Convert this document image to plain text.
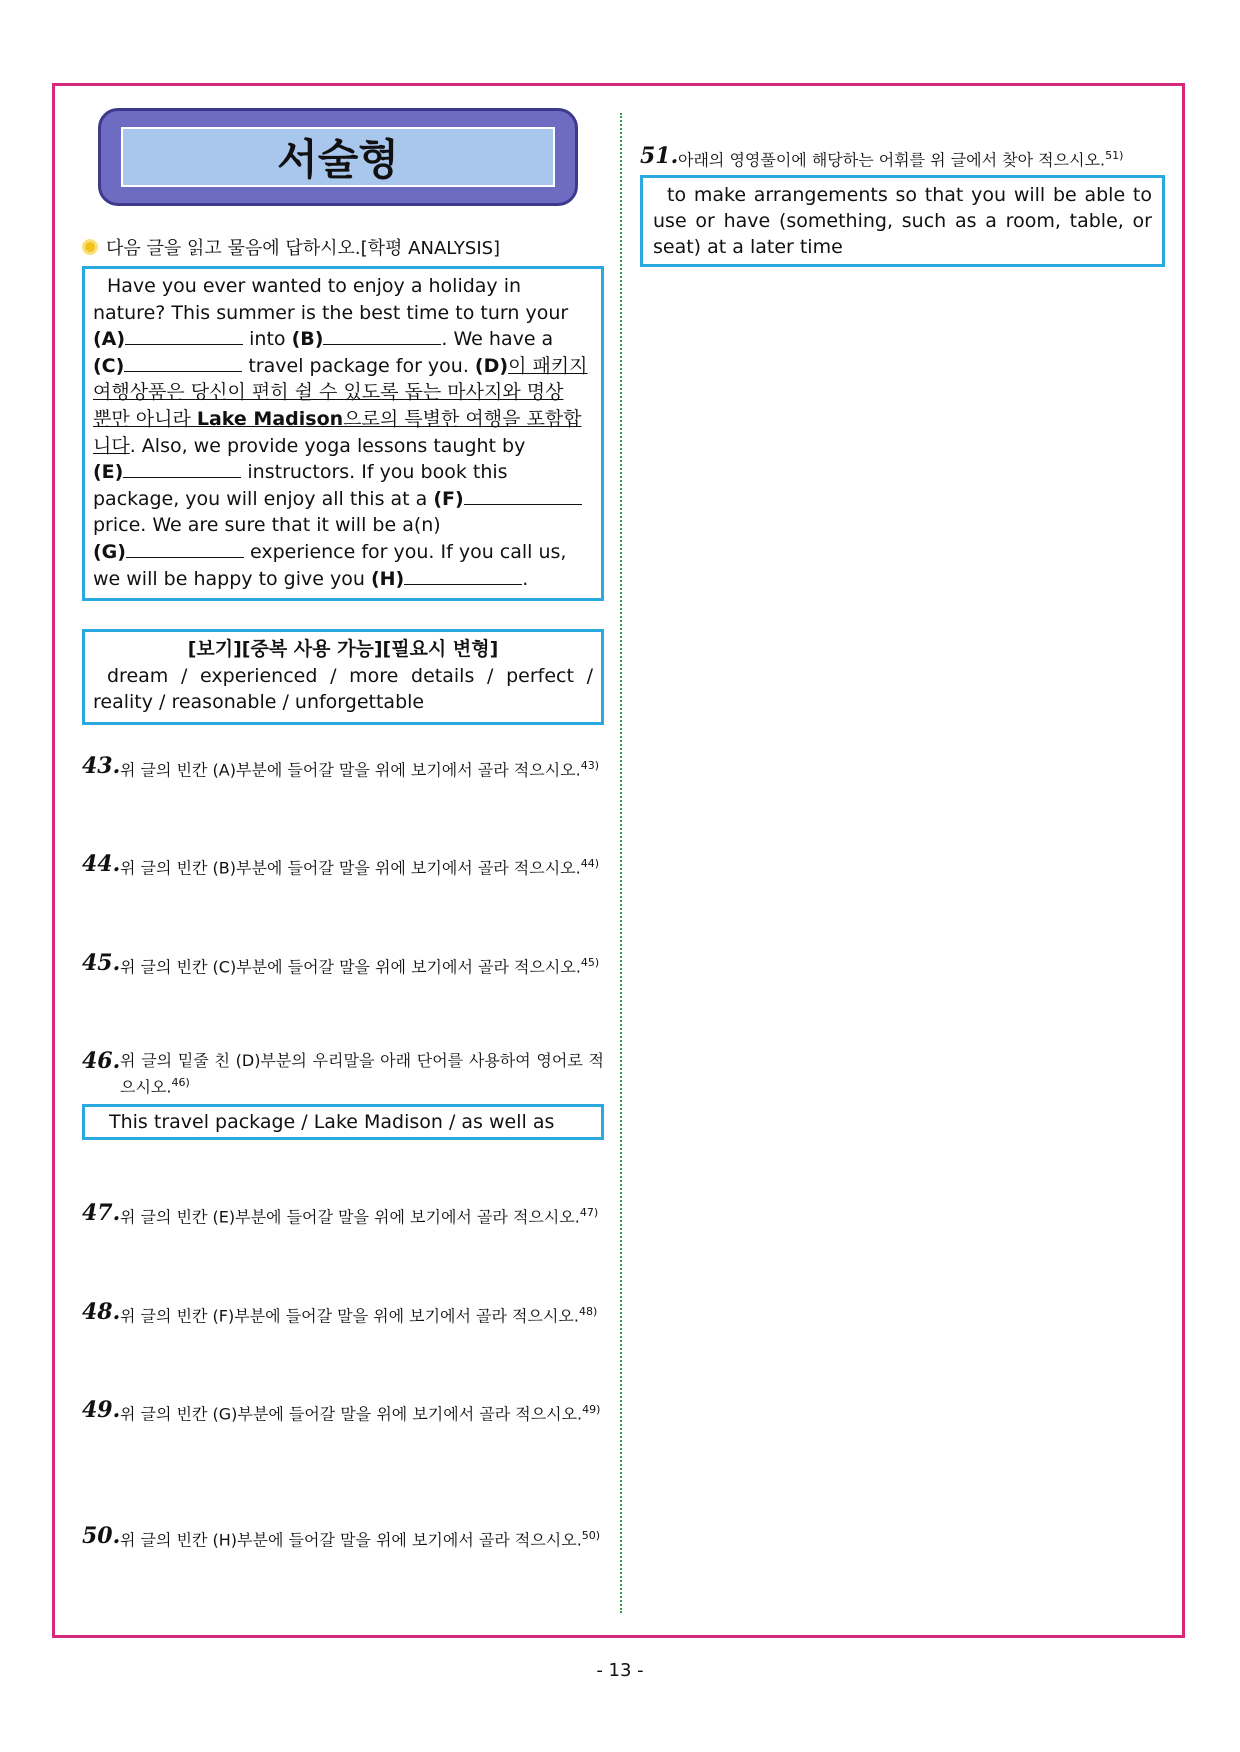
서술형
다음 글을 읽고 물음에 답하시오.[학평 ANALYSIS]
Have you ever wanted to enjoy a holiday in
nature? This summer is the best time to turn your
(A)	into (B)	. We have a
(C)	travel package for you. (D)이 패키지
여행상품은 당신이 편히 쉴 수 있도록 돕는 마사지와 명상
뿐만 아니라 Lake Madison으로의 특별한 여행을 포함합
니다. Also, we provide yoga lessons taught by
(E)	instructors. If you book this
package, you will enjoy all this at a (F)
price. We are sure that it will be a(n)
(G)	experience for you. If you call us,
we will be happy to give you (H)	.
[보기][중복 사용 가능][필요시 변형]
dream / experienced / more details / perfect /
reality / reasonable / unforgettable
43. 위 글의 빈칸 (A)부분에 들어갈 말을 위에 보기에서 골라 적으시오.$^{43)}$
44. 위 글의 빈칸 (B)부분에 들어갈 말을 위에 보기에서 골라 적으시오.$^{44)}$
45. 위 글의 빈칸 (C)부분에 들어갈 말을 위에 보기에서 골라 적으시오.$^{45)}$
46. 위 글의 밑줄 친 (D)부분의 우리말을 아래 단어를 사용하여 영어로 적으시오.$^{46)}$
This travel package / Lake Madison / as well as
47. 위 글의 빈칸 (E)부분에 들어갈 말을 위에 보기에서 골라 적으시오.$^{47)}$
48. 위 글의 빈칸 (F)부분에 들어갈 말을 위에 보기에서 골라 적으시오.$^{48)}$
49. 위 글의 빈칸 (G)부분에 들어갈 말을 위에 보기에서 골라 적으시오.$^{49)}$
50. 위 글의 빈칸 (H)부분에 들어갈 말을 위에 보기에서 골라 적으시오.$^{50)}$
51. 아래의 영영풀이에 해당하는 어휘를 위 글에서 찾아 적으시오.$^{51)}$
to make arrangements so that you will be able to use or have (something, such as a room, table, or seat) at a later time
- 13 -
